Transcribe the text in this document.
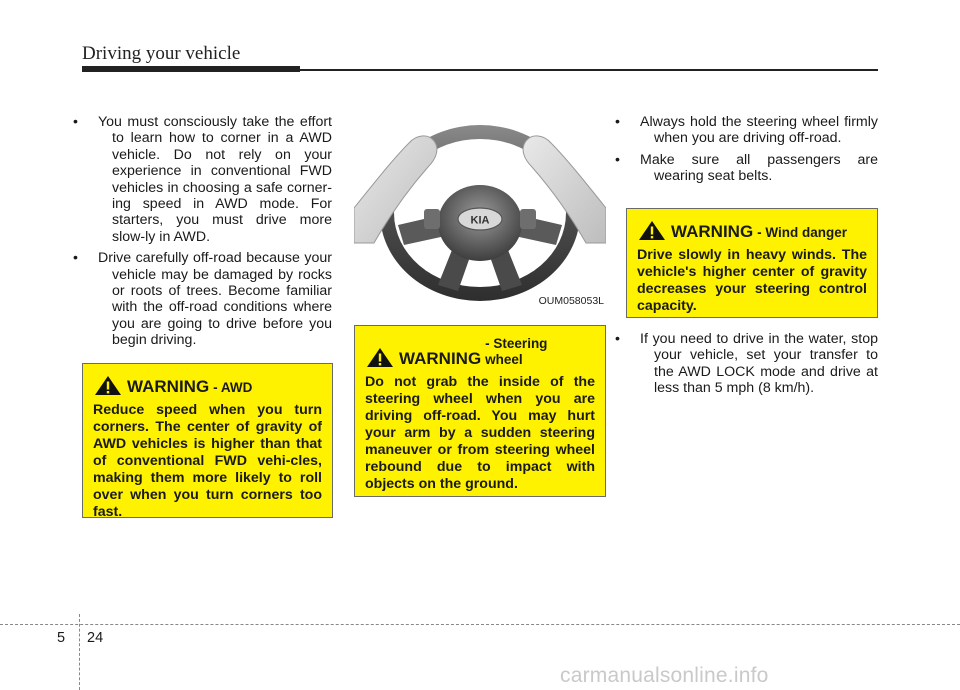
Driving your vehicle
• You must consciously take the effort to learn how to corner in a AWD vehicle. Do not rely on your experience in conventional FWD vehicles in choosing a safe corner-ing speed in AWD mode. For starters, you must drive more slow-ly in AWD.
• Drive carefully off-road because your vehicle may be damaged by rocks or roots of trees. Become familiar with the off-road conditions where you are going to drive before you begin driving.
WARNING - AWD
Reduce speed when you turn corners. The center of gravity of AWD vehicles is higher than that of conventional FWD vehi-cles, making them more likely to roll over when you turn corners too fast.
KIA
OUM058053L
WARNING
- Steering wheel
Do not grab the inside of the steering wheel when you are driving off-road. You may hurt your arm by a sudden steering maneuver or from steering wheel rebound due to impact with objects on the ground.
• Always hold the steering wheel firmly when you are driving off-road.
• Make sure all passengers are wearing seat belts.
WARNING - Wind danger
Drive slowly in heavy winds. The vehicle's higher center of gravity decreases your steering control capacity.
• If you need to drive in the water, stop your vehicle, set your transfer to the AWD LOCK mode and drive at less than 5 mph (8 km/h).
5 24
carmanualsonline.info
